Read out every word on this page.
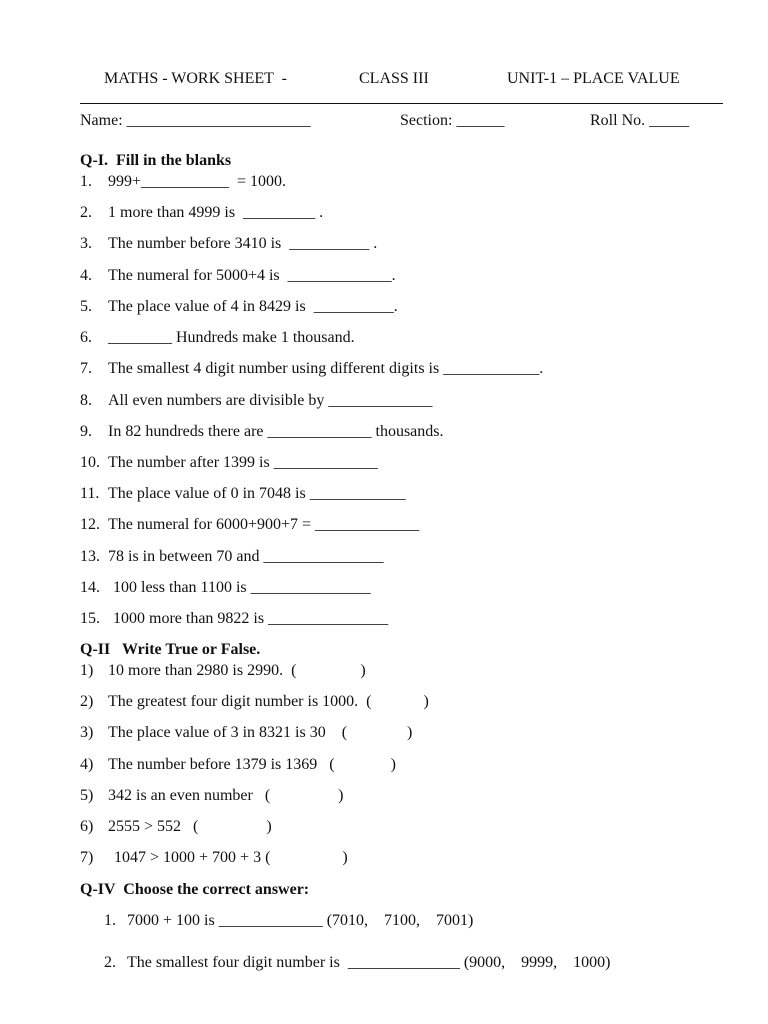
MATHS - WORK SHEET  -	CLASS III	UNIT-1 – PLACE VALUE
Name: _______________________	Section: ______	Roll No. _____
Q-I.  Fill in the blanks
1. 999+___________  = 1000.
2. 1 more than 4999 is  _________ .
3. The number before 3410 is  __________ .
4. The numeral for 5000+4 is  _____________.
5. The place value of 4 in 8429 is  __________.
6. ________ Hundreds make 1 thousand.
7. The smallest 4 digit number using different digits is ____________.
8. All even numbers are divisible by _____________
9. In 82 hundreds there are _____________ thousands.
10. The number after 1399 is _____________
11. The place value of 0 in 7048 is ____________
12. The numeral for 6000+900+7 = _____________
13. 78 is in between 70 and _______________
14. 100 less than 1100 is _______________
15. 1000 more than 9822 is _______________
Q-II   Write True or False.
1) 10 more than 2980 is 2990.  (                )
2) The greatest four digit number is 1000.  (             )
3) The place value of 3 in 8321 is 30    (               )
4) The number before 1379 is 1369   (              )
5) 342 is an even number   (                 )
6) 2555 > 552   (                 )
7) 1047 > 1000 + 700 + 3 (                  )
Q-IV  Choose the correct answer:
1. 7000 + 100 is _____________ (7010,    7100,    7001)
2. The smallest four digit number is  ______________ (9000,    9999,    1000)
